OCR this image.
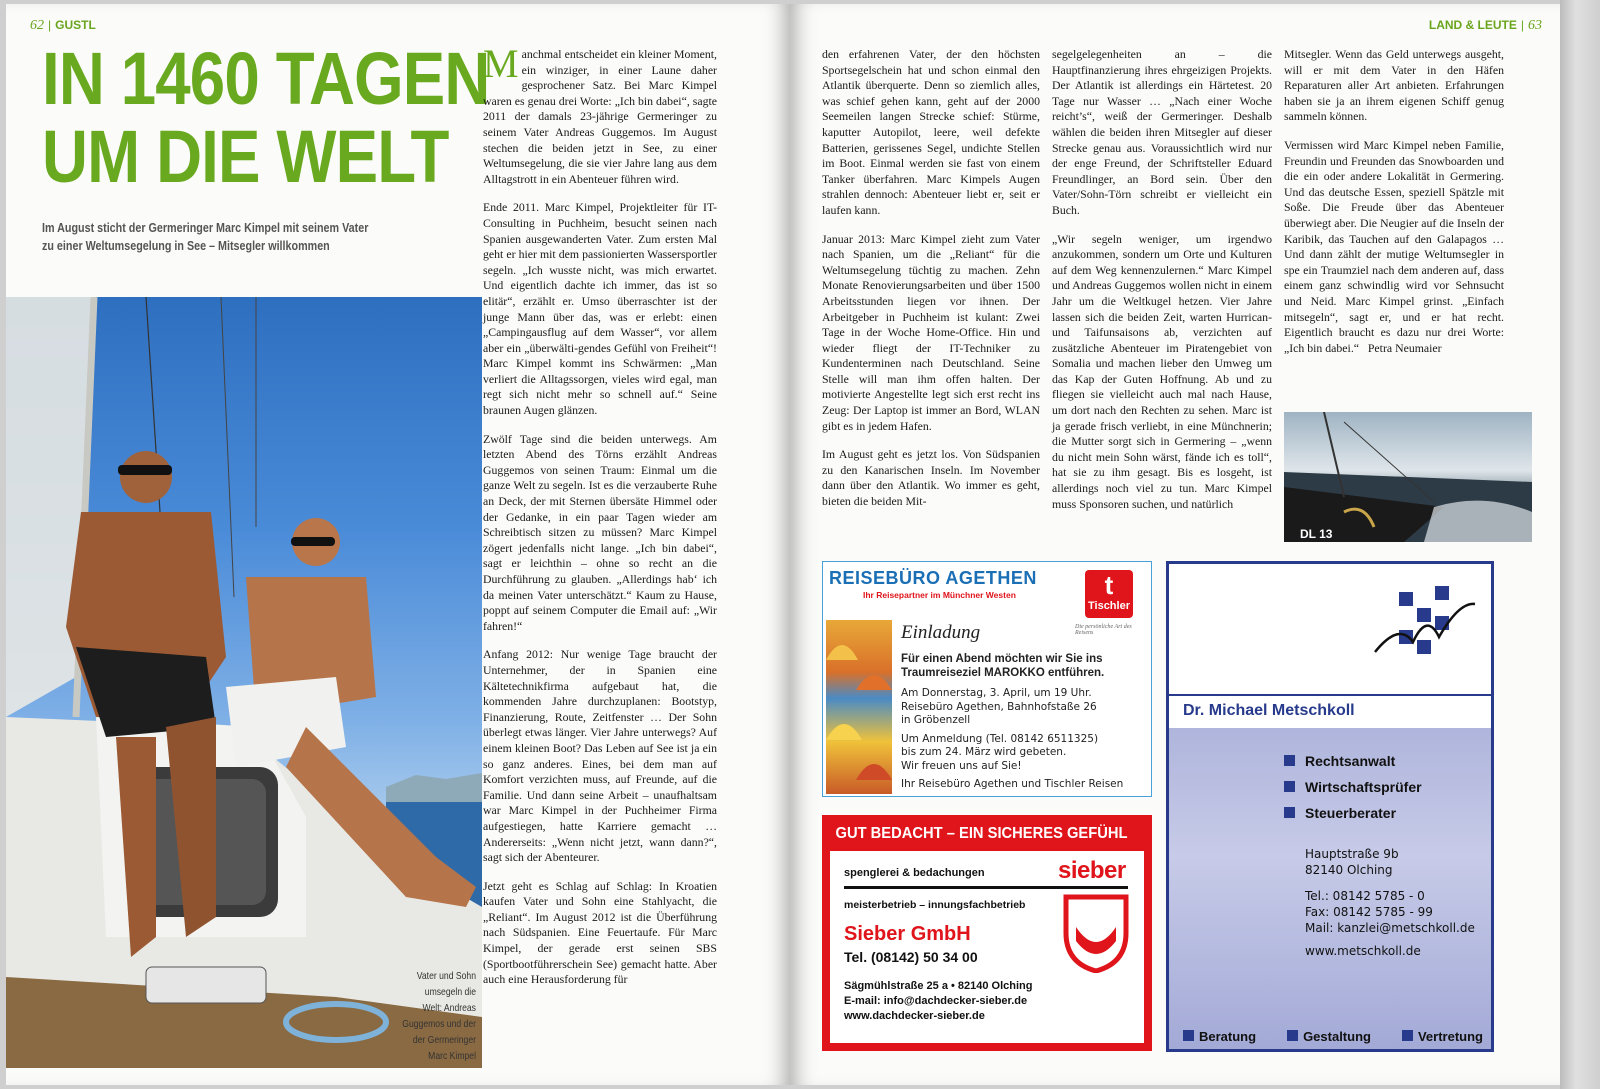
62 | GUSTL
IN 1460 TAGEN
UM DIE WELT
Im August sticht der Germeringer Marc Kimpel mit seinem Vater
zu einer Weltumsegelung in See – Mitsegler willkommen
Vater und Sohn
umsegeln die
Welt: Andreas
Guggemos und der
der Germeringer
Marc Kimpel

Manchmal entscheidet ein kleiner Moment, ein winziger, in einer Laune daher gesprochener Satz. Bei Marc Kimpel waren es genau drei Worte: „Ich bin dabei“, sagte 2011 der damals 23-jährige Germeringer zu seinem Vater Andreas Guggemos. Im August stechen die beiden jetzt in See, zu einer Weltumsegelung, die sie vier Jahre lang aus dem Alltagstrott in ein Abenteuer führen wird.

Ende 2011. Marc Kimpel, Projektleiter für IT-Consulting in Puchheim, besucht seinen nach Spanien ausgewanderten Vater. Zum ersten Mal geht er hier mit dem passionierten Wassersportler segeln. „Ich wusste nicht, was mich erwartet. Und eigentlich dachte ich immer, das ist so elitär“, erzählt er. Umso überraschter ist der junge Mann über das, was er erlebt: einen „Campingausflug auf dem Wasser“, vor allem aber ein „überwälti-gendes Gefühl von Freiheit“! Marc Kimpel kommt ins Schwärmen: „Man verliert die Alltagssorgen, vieles wird egal, man regt sich nicht mehr so schnell auf.“ Seine braunen Augen glänzen.

Zwölf Tage sind die beiden unterwegs. Am letzten Abend des Törns erzählt Andreas Guggemos von seinen Traum: Einmal um die ganze Welt zu segeln. Ist es die verzauberte Ruhe an Deck, der mit Sternen übersäte Himmel oder der Gedanke, in ein paar Tagen wieder am Schreibtisch sitzen zu müssen? Marc Kimpel zögert jedenfalls nicht lange. „Ich bin dabei“, sagt er leichthin – ohne so recht an die Durchführung zu glauben. „Allerdings hab‘ ich da meinen Vater unterschätzt.“ Kaum zu Hause, poppt auf seinem Computer die Email auf: „Wir fahren!“

Anfang 2012: Nur wenige Tage braucht der Unternehmer, der in Spanien eine Kältetechnikfirma aufgebaut hat, die kommenden Jahre durchzuplanen: Bootstyp, Finanzierung, Route, Zeitfenster … Der Sohn überlegt etwas länger. Vier Jahre unterwegs? Auf einem kleinen Boot? Das Leben auf See ist ja ein so ganz anderes. Eines, bei dem man auf Komfort verzichten muss, auf Freunde, auf die Familie. Und dann seine Arbeit – unaufhaltsam war Marc Kimpel in der Puchheimer Firma aufgestiegen, hatte Karriere gemacht … Andererseits: „Wenn nicht jetzt, wann dann?“, sagt sich der Abenteurer.

Jetzt geht es Schlag auf Schlag: In Kroatien kaufen Vater und Sohn eine Stahlyacht, die „Reliant“. Im August 2012 ist die Überführung nach Südspanien. Eine Feuertaufe. Für Marc Kimpel, der gerade erst seinen SBS (Sportbootführerschein See) gemacht hatte. Aber auch eine Herausforderung für

LAND & LEUTE | 63

den erfahrenen Vater, der den höchsten Sportsegelschein hat und schon einmal den Atlantik überquerte. Denn so ziemlich alles, was schief gehen kann, geht auf der 2000 Seemeilen langen Strecke schief: Stürme, kaputter Autopilot, leere, weil defekte Batterien, gerissenes Segel, undichte Stellen im Boot. Einmal werden sie fast von einem Tanker überfahren. Marc Kimpels Augen strahlen dennoch: Abenteuer liebt er, seit er laufen kann.

Januar 2013: Marc Kimpel zieht zum Vater nach Spanien, um die „Reliant“ für die Weltumsegelung tüchtig zu machen. Zehn Monate Renovierungsarbeiten und über 1500 Arbeitsstunden liegen vor ihnen. Der Arbeitgeber in Puchheim ist kulant: Zwei Tage in der Woche Home-Office. Hin und wieder fliegt der IT-Techniker zu Kundenterminen nach Deutschland. Seine Stelle will man ihm offen halten. Der motivierte Angestellte legt sich erst recht ins Zeug: Der Laptop ist immer an Bord, WLAN gibt es in jedem Hafen.

Im August geht es jetzt los. Von Südspanien zu den Kanarischen Inseln. Im November dann über den Atlantik. Wo immer es geht, bieten die beiden Mit-

segelgelegenheiten an – die Hauptfinanzierung ihres ehrgeizigen Projekts. Der Atlantik ist allerdings ein Härtetest. 20 Tage nur Wasser … „Nach einer Woche reicht’s“, weiß der Germeringer. Deshalb wählen die beiden ihren Mitsegler auf dieser Strecke genau aus. Voraussichtlich wird nur der enge Freund, der Schriftsteller Eduard Freundlinger, an Bord sein. Über den Vater/Sohn-Törn schreibt er vielleicht ein Buch.

„Wir segeln weniger, um irgendwo anzukommen, sondern um Orte und Kulturen auf dem Weg kennenzulernen.“ Marc Kimpel und Andreas Guggemos wollen nicht in einem Jahr um die Weltkugel hetzen. Vier Jahre lassen sich die beiden Zeit, warten Hurrican- und Taifunsaisons ab, verzichten auf zusätzliche Abenteuer im Piratengebiet von Somalia und machen lieber den Umweg um das Kap der Guten Hoffnung. Ab und zu fliegen sie vielleicht auch mal nach Hause, um dort nach den Rechten zu sehen. Marc ist ja gerade frisch verliebt, in eine Münchnerin; die Mutter sorgt sich in Germering – „wenn du nicht mein Sohn wärst, fände ich es toll“, hat sie zu ihm gesagt. Bis es losgeht, ist allerdings noch viel zu tun. Marc Kimpel muss Sponsoren suchen, und natürlich

Mitsegler. Wenn das Geld unterwegs ausgeht, will er mit dem Vater in den Häfen Reparaturen aller Art anbieten. Erfahrungen haben sie ja an ihrem eigenen Schiff genug sammeln können.

Vermissen wird Marc Kimpel neben Familie, Freundin und Freunden das Snowboarden und die ein oder andere Lokalität in Germering. Und das deutsche Essen, speziell Spätzle mit Soße. Die Freude über das Abenteuer überwiegt aber. Die Neugier auf die Inseln der Karibik, das Tauchen auf den Galapagos … Und dann zählt der mutige Weltumsegler in spe ein Traumziel nach dem anderen auf, dass einem ganz schwindlig wird vor Sehnsucht und Neid. Marc Kimpel grinst. „Einfach mitsegeln“, sagt er, und er hat recht. Eigentlich braucht es dazu nur drei Worte: „Ich bin dabei.“ Petra Neumaier

DL 13
REISEBÜRO AGETHEN
Ihr Reisepartner im Münchner Westen	t
Tischler
Die persönliche Art des Reisens
Einladung
Für einen Abend möchten wir Sie ins
Traumreiseziel MAROKKO entführen.
Am Donnerstag, 3. April, um 19 Uhr.
Reisebüro Agethen, Bahnhofstaße 26
in Gröbenzell
Um Anmeldung (Tel. 08142 6511325)
bis zum 24. März wird gebeten.
Wir freuen uns auf Sie!
Ihr Reisebüro Agethen und Tischler Reisen
GUT BEDACHT – EIN SICHERES GEFÜHL
spenglerei & bedachungen	sieber
meisterbetrieb – innungsfachbetrieb
Sieber GmbH
Tel. (08142) 50 34 00
Sägmühlstraße 25 a • 82140 Olching
E-mail: info@dachdecker-sieber.de
www.dachdecker-sieber.de
Dr. Michael Metschkoll
Rechtsanwalt
Wirtschaftsprüfer
Steuerberater
Hauptstraße 9b
82140 Olching
Tel.: 08142 5785 - 0
Fax: 08142 5785 - 99
Mail: kanzlei@metschkoll.de
www.metschkoll.de
Beratung	Gestaltung	Vertretung
